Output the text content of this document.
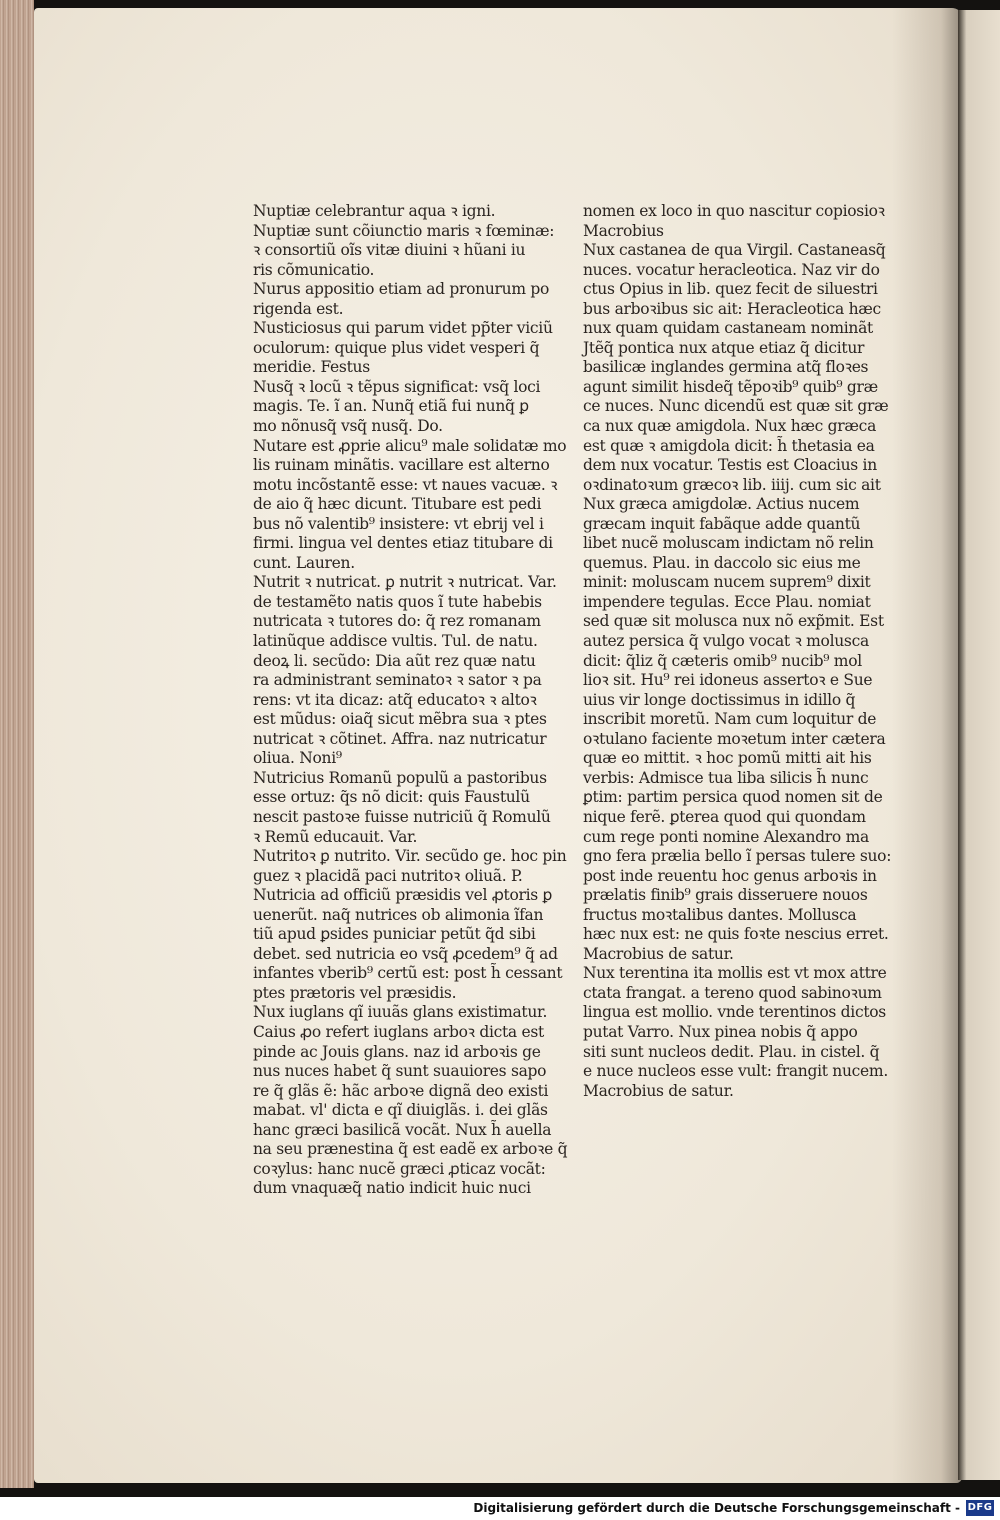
Nuptiæ celebrantur aqua ꝛ igni.
Nuptiæ sunt cõiunctio maris ꝛ fœminæ:
ꝛ consortiũ oĩs vitæ diuini ꝛ hũani iu
ris cõmunicatio.
Nurus appositio etiam ad pronurum po
rigenda est.
Nusticiosus qui parum videt pp̃ter viciũ
oculorum: quique plus videt vesperi q̃
meridie. Festus
Nusq̃ ꝛ locũ ꝛ tẽpus significat: vsq̃ loci
magis. Te. ĩ an. Nunq̃ etiã fui nunq̃ ꝑ
mo nõnusq̃ vsq̃ nusq̃. Do.
Nutare est ꝓprie alicu⁹ male solidatæ mo
lis ruinam minãtis. vacillare est alterno
motu incõstantẽ esse: vt naues vacuæ. ꝛ
de aio q̃ hæc dicunt. Titubare est pedi
bus nõ valentib⁹ insistere: vt ebrij vel i
firmi. lingua vel dentes etiaz titubare di
cunt. Lauren.
Nutrit ꝛ nutricat. ꝑ nutrit ꝛ nutricat. Var.
de testamẽto natis quos ĩ tute habebis
nutricata ꝛ tutores do: q̃ rez romanam
latinũque addisce vultis. Tul. de natu.
deoꝝ li. secũdo: Dia aũt rez quæ natu
ra administrant seminatoꝛ ꝛ sator ꝛ pa
rens: vt ita dicaz: atq̃ educatoꝛ ꝛ altoꝛ
est mũdus: oiaq̃ sicut mẽbra sua ꝛ ptes
nutricat ꝛ cõtinet. Affra. naz nutricatur
oliua. Noni⁹
Nutricius Romanũ populũ a pastoribus
esse ortuz: q̃s nõ dicit: quis Faustulũ
nescit pastoꝛe fuisse nutriciũ q̃ Romulũ
ꝛ Remũ educauit. Var.
Nutritoꝛ ꝑ nutrito. Vir. secũdo ge. hoc pin
guez ꝛ placidã paci nutritoꝛ oliuã. P.
Nutricia ad officiũ præsidis vel ꝓtoris ꝑ
uenerũt. naq̃ nutrices ob alimonia ĩfan
tiũ apud ꝑsides puniciar petũt q̃d sibi
debet. sed nutricia eo vsq̃ ꝓcedem⁹ q̃ ad
infantes vberib⁹ certũ est: post h̃ cessant
ptes prætoris vel præsidis.
Nux iuglans qĩ iuuãs glans existimatur.
Caius ꝓo refert iuglans arboꝛ dicta est
pinde ac Jouis glans. naz id arboꝛis ge
nus nuces habet q̃ sunt suauiores sapo
re q̃ glãs ẽ: hãc arboꝛe dignã deo existi
mabat. vl' dicta e qĩ diuiglãs. i. dei glãs
hanc græci basilicã vocãt. Nux h̃ auella
na seu prænestina q̃ est eadẽ ex arboꝛe q̃
coꝛylus: hanc nucẽ græci ꝓticaz vocãt:
dum vnaquæq̃ natio indicit huic nuci
nomen ex loco in quo nascitur copiosioꝛ
Macrobius
Nux castanea de qua Virgil. Castaneasq̃
nuces. vocatur heracleotica. Naz vir do
ctus Opius in lib. quez fecit de siluestri
bus arboꝛibus sic ait: Heracleotica hæc
nux quam quidam castaneam nominãt
Jtẽq̃ pontica nux atque etiaz q̃ dicitur
basilicæ inglandes germina atq̃ floꝛes
agunt similit hisdeq̃ tẽpoꝛib⁹ quib⁹ græ
ce nuces. Nunc dicendũ est quæ sit græ
ca nux quæ amigdola. Nux hæc græca
est quæ ꝛ amigdola dicit: h̃ thetasia ea
dem nux vocatur. Testis est Cloacius in
oꝛdinatoꝛum græcoꝛ lib. iiij. cum sic ait
Nux græca amigdolæ. Actius nucem
græcam inquit fabãque adde quantũ
libet nucẽ moluscam indictam nõ relin
quemus. Plau. in daccolo sic eius me
minit: moluscam nucem suprem⁹ dixit
impendere tegulas. Ecce Plau. nomiat
sed quæ sit molusca nux nõ exp̃mit. Est
autez persica q̃ vulgo vocat ꝛ molusca
dicit: q̃liz q̃ cæteris omib⁹ nucib⁹ mol
lioꝛ sit. Hu⁹ rei idoneus assertoꝛ e Sue
uius vir longe doctissimus in idillo q̃
inscribit moretũ. Nam cum loquitur de
oꝛtulano faciente moꝛetum inter cætera
quæ eo mittit. ꝛ hoc pomũ mitti ait his
verbis: Admisce tua liba silicis h̃ nunc
ꝑtim: partim persica quod nomen sit de
nique ferẽ. ꝑterea quod qui quondam
cum rege ponti nomine Alexandro ma
gno fera prælia bello ĩ persas tulere suo:
post inde reuentu hoc genus arboꝛis in
prælatis finib⁹ grais disseruere nouos
fructus moꝛtalibus dantes. Mollusca
hæc nux est: ne quis foꝛte nescius erret.
Macrobius de satur.
Nux terentina ita mollis est vt mox attre
ctata frangat. a tereno quod sabinoꝛum
lingua est mollio. vnde terentinos dictos
putat Varro. Nux pinea nobis q̃ appo
siti sunt nucleos dedit. Plau. in cistel. q̃
e nuce nucleos esse vult: frangit nucem.
Macrobius de satur.
Digitalisierung gefördert durch die Deutsche Forschungsgemeinschaft - DFG
